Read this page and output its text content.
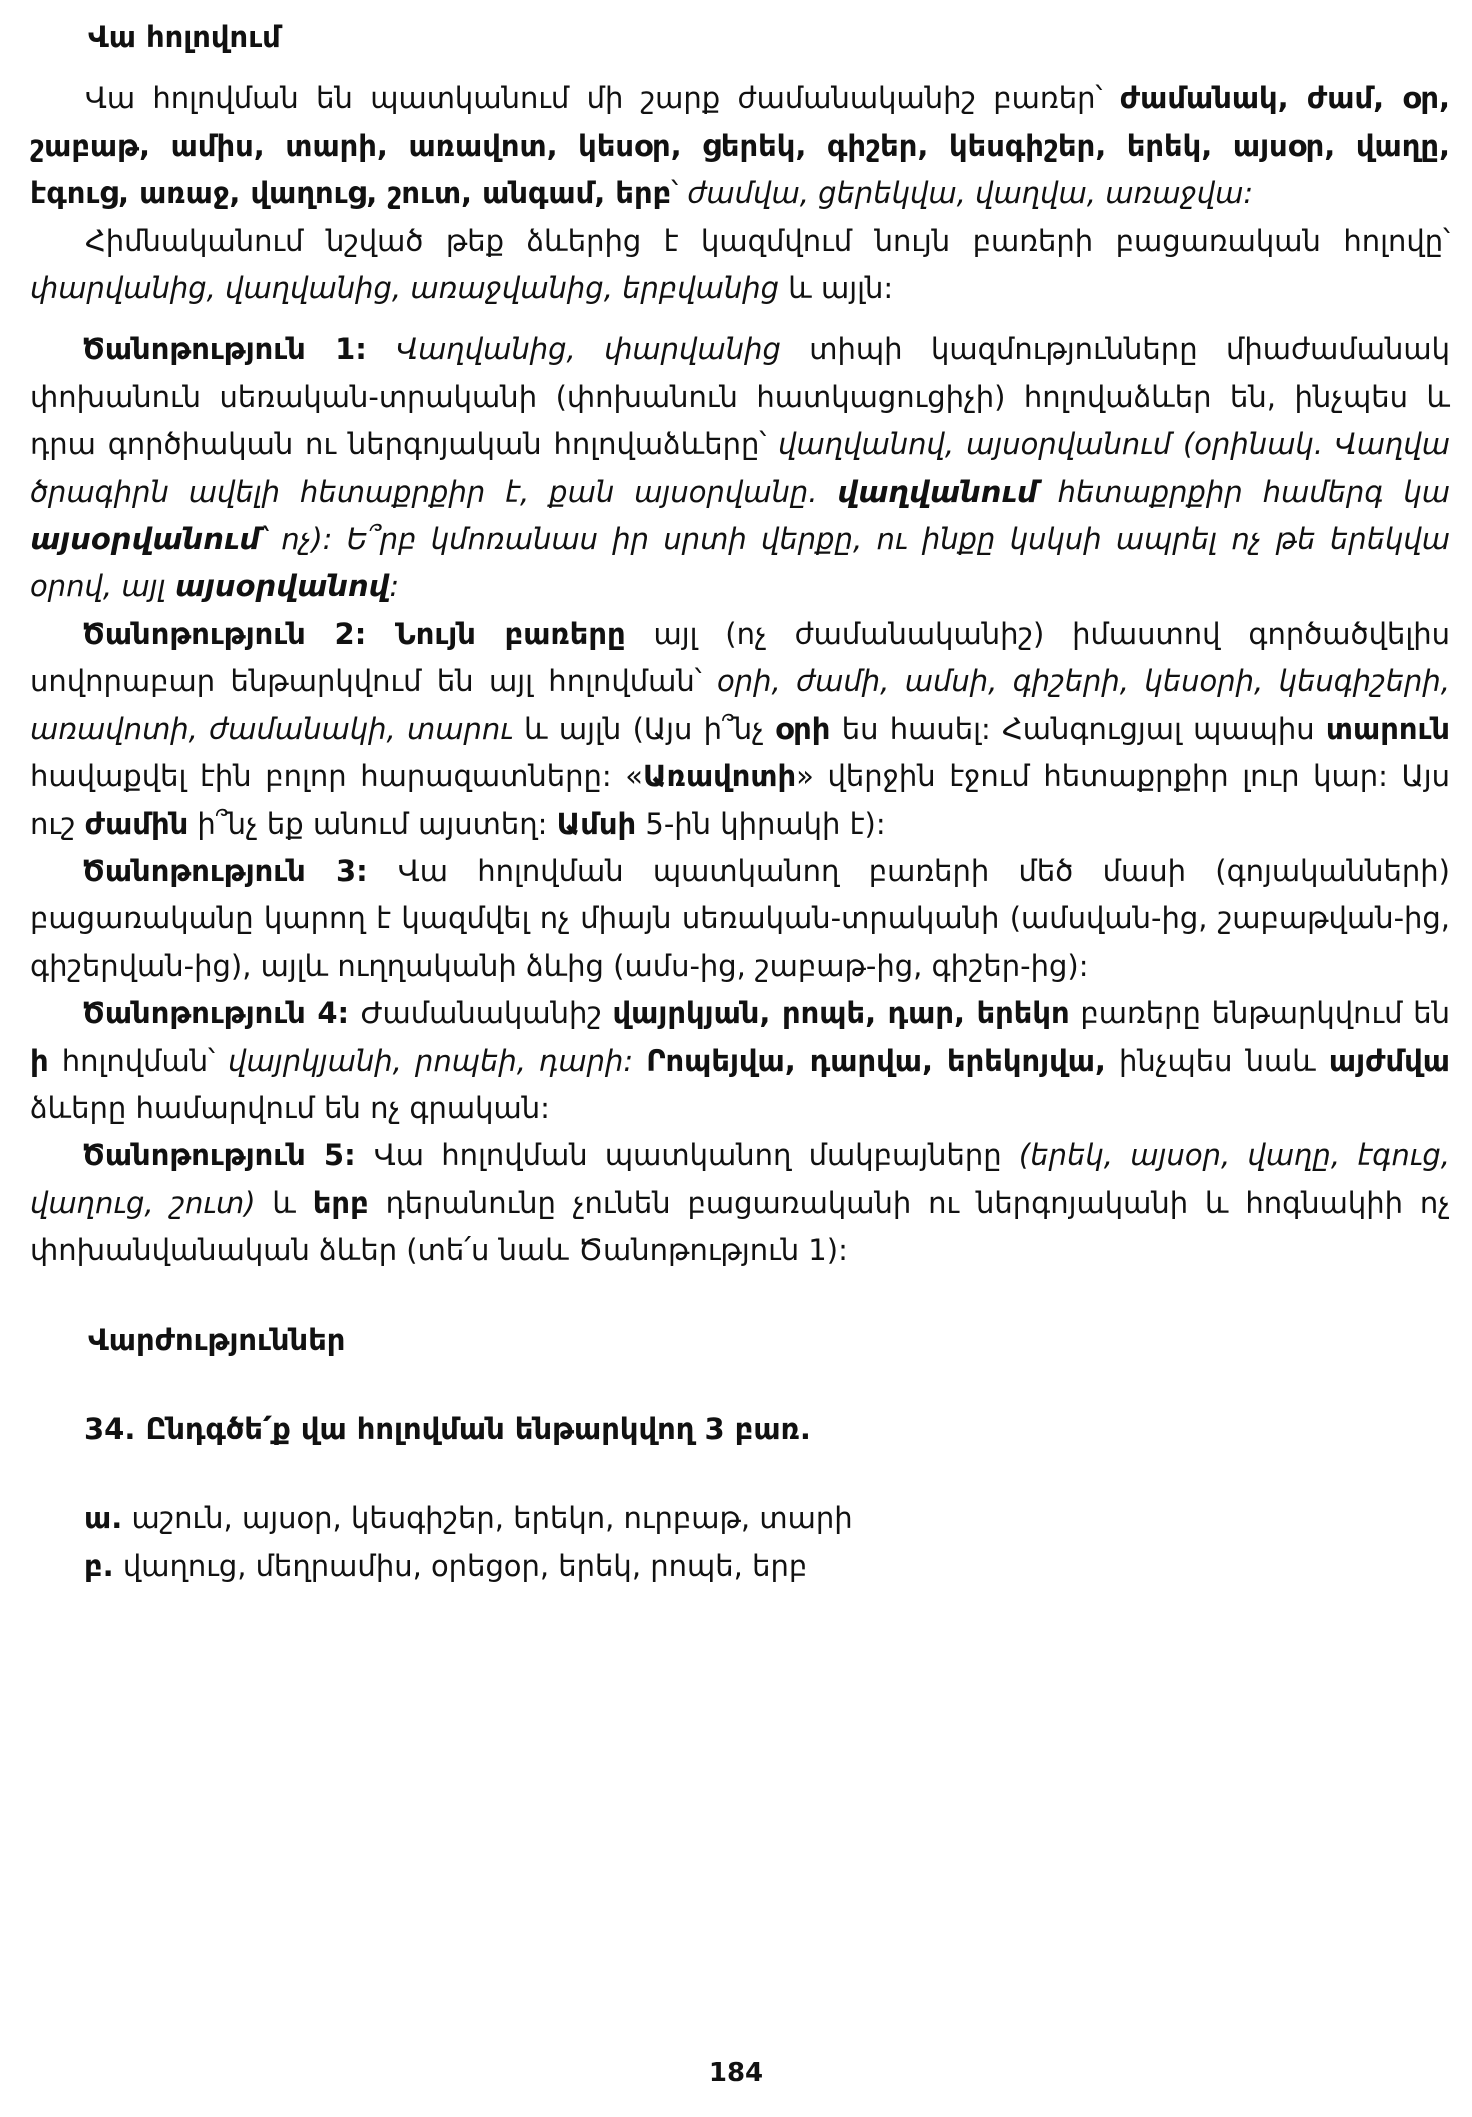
Վա հոլովում

Վա հոլովման են պատկանում մի շարք ժամանականիշ բառեր՝ ժամանակ, ժամ, օր, շաբաթ, ամիս, տարի, առավոտ, կեսօր, ցերեկ, գիշեր, կեսգիշեր, երեկ, այսօր, վաղը, էգուց, առաջ, վաղուց, շուտ, անգամ, երբ՝ ժամվա, ցերեկվա, վաղվա, առաջվա:

Հիմնականում նշված թեք ձևերից է կազմվում նույն բառերի բացառական հոլովը՝ փարվանից, վաղվանից, առաջվանից, երբվանից և այլն:

Ծանոթություն 1: Վաղվանից, փարվանից տիպի կազմությունները միաժամանակ փոխանուն սեռական-տրականի (փոխանուն հատկացուցիչի) հոլովաձևեր են, ինչպես և դրա գործիական ու ներգոյական հոլովաձևերը՝ վաղվանով, այսօրվանում (օրինակ. Վաղվա ծրագիրն ավելի հետաքրքիր է, քան այսօրվանը. վաղվանում հետաքրքիր համերգ կա այսօրվանում՝ ոչ): Ե՞րբ կմոռանաս իր սրտի վերքը, ու ինքը կսկսի ապրել ոչ թե երեկվա օրով, այլ այսօրվանով:

Ծանոթություն 2: Նույն բառերը այլ (ոչ ժամանականիշ) իմաստով գործածվելիս սովորաբար ենթարկվում են այլ հոլովման՝ օրի, ժամի, ամսի, գիշերի, կեսօրի, կեսգիշերի, առավոտի, ժամանակի, տարու և այլն (Այս ի՞նչ օրի ես հասել: Հանգուցյալ պապիս տարուն հավաքվել էին բոլոր հարազատները: «Առավոտի» վերջին էջում հետաքրքիր լուր կար: Այս ուշ ժամին ի՞նչ եք անում այստեղ: Ամսի 5-ին կիրակի է):

Ծանոթություն 3: Վա հոլովման պատկանող բառերի մեծ մասի (գոյականների) բացառականը կարող է կազմվել ոչ միայն սեռական-տրականի (ամսվան-ից, շաբաթվան-ից, գիշերվան-ից), այլև ուղղականի ձևից (ամս-ից, շաբաթ-ից, գիշեր-ից):

Ծանոթություն 4: Ժամանականիշ վայրկյան, րոպե, դար, երեկո բառերը ենթարկվում են ի հոլովման՝ վայրկյանի, րոպեի, դարի: Րոպեյվա, դարվա, երեկոյվա, ինչպես նաև այժմվա ձևերը համարվում են ոչ գրական:

Ծանոթություն 5: Վա հոլովման պատկանող մակբայները (երեկ, այսօր, վաղը, էգուց, վաղուց, շուտ) և երբ դերանունը չունեն բացառականի ու ներգոյականի և հոգնակիի ոչ փոխանվանական ձևեր (տե՛ս նաև Ծանոթություն 1):

Վարժություններ
34. Ընդգծե՛ք վա հոլովման ենթարկվող 3 բառ.
ա. աշուն, այսօր, կեսգիշեր, երեկո, ուրբաթ, տարի
բ. վաղուց, մեղրամիս, օրեցօր, երեկ, րոպե, երբ
184
